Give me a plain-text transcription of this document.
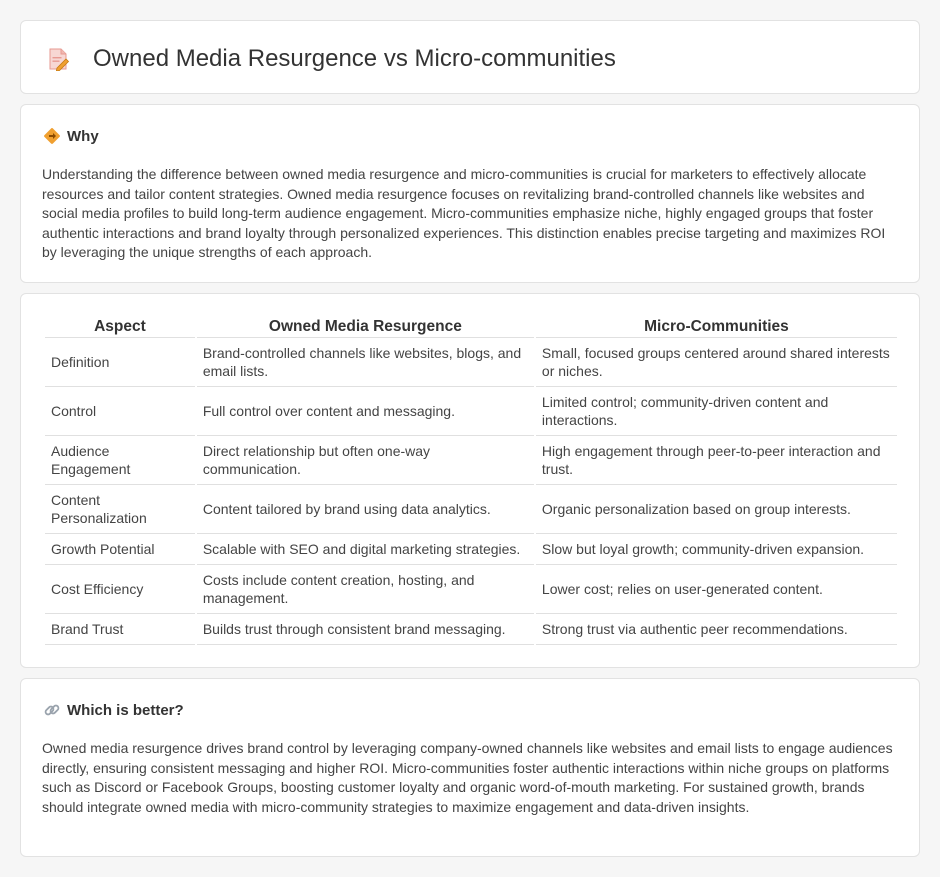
Owned Media Resurgence vs Micro-communities
Why

Understanding the difference between owned media resurgence and micro-communities is crucial for marketers to effectively allocate resources and tailor content strategies. Owned media resurgence focuses on revitalizing brand-controlled channels like websites and social media profiles to build long-term audience engagement. Micro-communities emphasize niche, highly engaged groups that foster authentic interactions and brand loyalty through personalized experiences. This distinction enables precise targeting and maximizes ROI by leveraging the unique strengths of each approach.

Aspect	Owned Media Resurgence	Micro-Communities
Definition	Brand-controlled channels like websites, blogs, and email lists.	Small, focused groups centered around shared interests or niches.
Control	Full control over content and messaging.	Limited control; community-driven content and interactions.
Audience Engagement	Direct relationship but often one-way communication.	High engagement through peer-to-peer interaction and trust.
Content Personalization	Content tailored by brand using data analytics.	Organic personalization based on group interests.
Growth Potential	Scalable with SEO and digital marketing strategies.	Slow but loyal growth; community-driven expansion.
Cost Efficiency	Costs include content creation, hosting, and management.	Lower cost; relies on user-generated content.
Brand Trust	Builds trust through consistent brand messaging.	Strong trust via authentic peer recommendations.
Which is better?

Owned media resurgence drives brand control by leveraging company-owned channels like websites and email lists to engage audiences directly, ensuring consistent messaging and higher ROI. Micro-communities foster authentic interactions within niche groups on platforms such as Discord or Facebook Groups, boosting customer loyalty and organic word-of-mouth marketing. For sustained growth, brands should integrate owned media with micro-community strategies to maximize engagement and data-driven insights.
